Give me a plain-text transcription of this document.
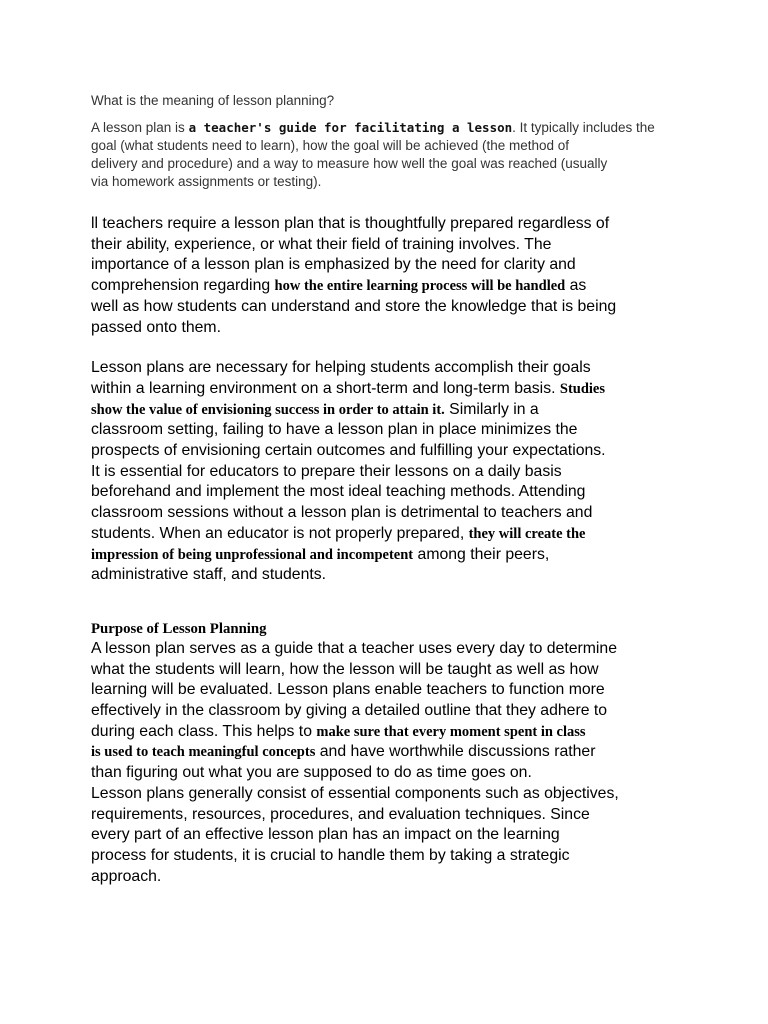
What is the meaning of lesson planning?

A lesson plan is a teacher's guide for facilitating a lesson. It typically includes the
goal (what students need to learn), how the goal will be achieved (the method of
delivery and procedure) and a way to measure how well the goal was reached (usually
via homework assignments or testing).

ll teachers require a lesson plan that is thoughtfully prepared regardless of
their ability, experience, or what their field of training involves. The
importance of a lesson plan is emphasized by the need for clarity and
comprehension regarding how the entire learning process will be handled as
well as how students can understand and store the knowledge that is being
passed onto them.

Lesson plans are necessary for helping students accomplish their goals
within a learning environment on a short-term and long-term basis. Studies
show the value of envisioning success in order to attain it. Similarly in a
classroom setting, failing to have a lesson plan in place minimizes the
prospects of envisioning certain outcomes and fulfilling your expectations.
It is essential for educators to prepare their lessons on a daily basis
beforehand and implement the most ideal teaching methods. Attending
classroom sessions without a lesson plan is detrimental to teachers and
students. When an educator is not properly prepared, they will create the
impression of being unprofessional and incompetent among their peers,
administrative staff, and students.

Purpose of Lesson Planning

A lesson plan serves as a guide that a teacher uses every day to determine
what the students will learn, how the lesson will be taught as well as how
learning will be evaluated. Lesson plans enable teachers to function more
effectively in the classroom by giving a detailed outline that they adhere to
during each class. This helps to make sure that every moment spent in class
is used to teach meaningful concepts and have worthwhile discussions rather
than figuring out what you are supposed to do as time goes on.
Lesson plans generally consist of essential components such as objectives,
requirements, resources, procedures, and evaluation techniques. Since
every part of an effective lesson plan has an impact on the learning
process for students, it is crucial to handle them by taking a strategic
approach.
